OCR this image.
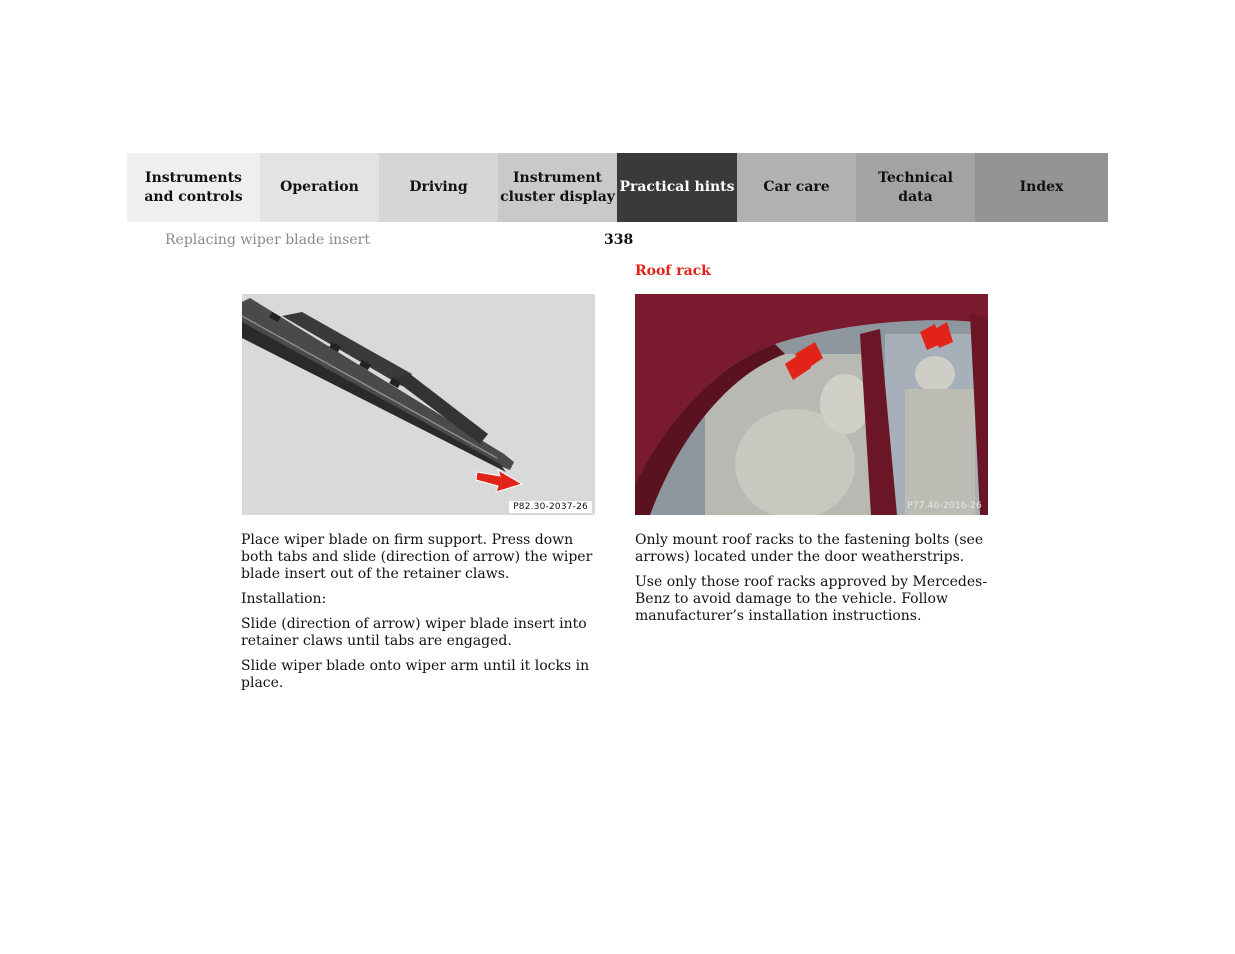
Instruments
and controls
Operation	Driving
Instrument
cluster display
Practical hints	Car care
Technical
data
Index
Replacing wiper blade insert	338
Roof rack
P82.30-2037-26	P77.40-2016-26

Place wiper blade on firm support. Press down both tabs and slide (direction of arrow) the wiper blade insert out of the retainer claws.

Installation:

Slide (direction of arrow) wiper blade insert into retainer claws until tabs are engaged.

Slide wiper blade onto wiper arm until it locks in place.

Only mount roof racks to the fastening bolts (see arrows) located under the door weatherstrips.

Use only those roof racks approved by Mercedes-Benz to avoid damage to the vehicle. Follow manufacturer’s installation instructions.
